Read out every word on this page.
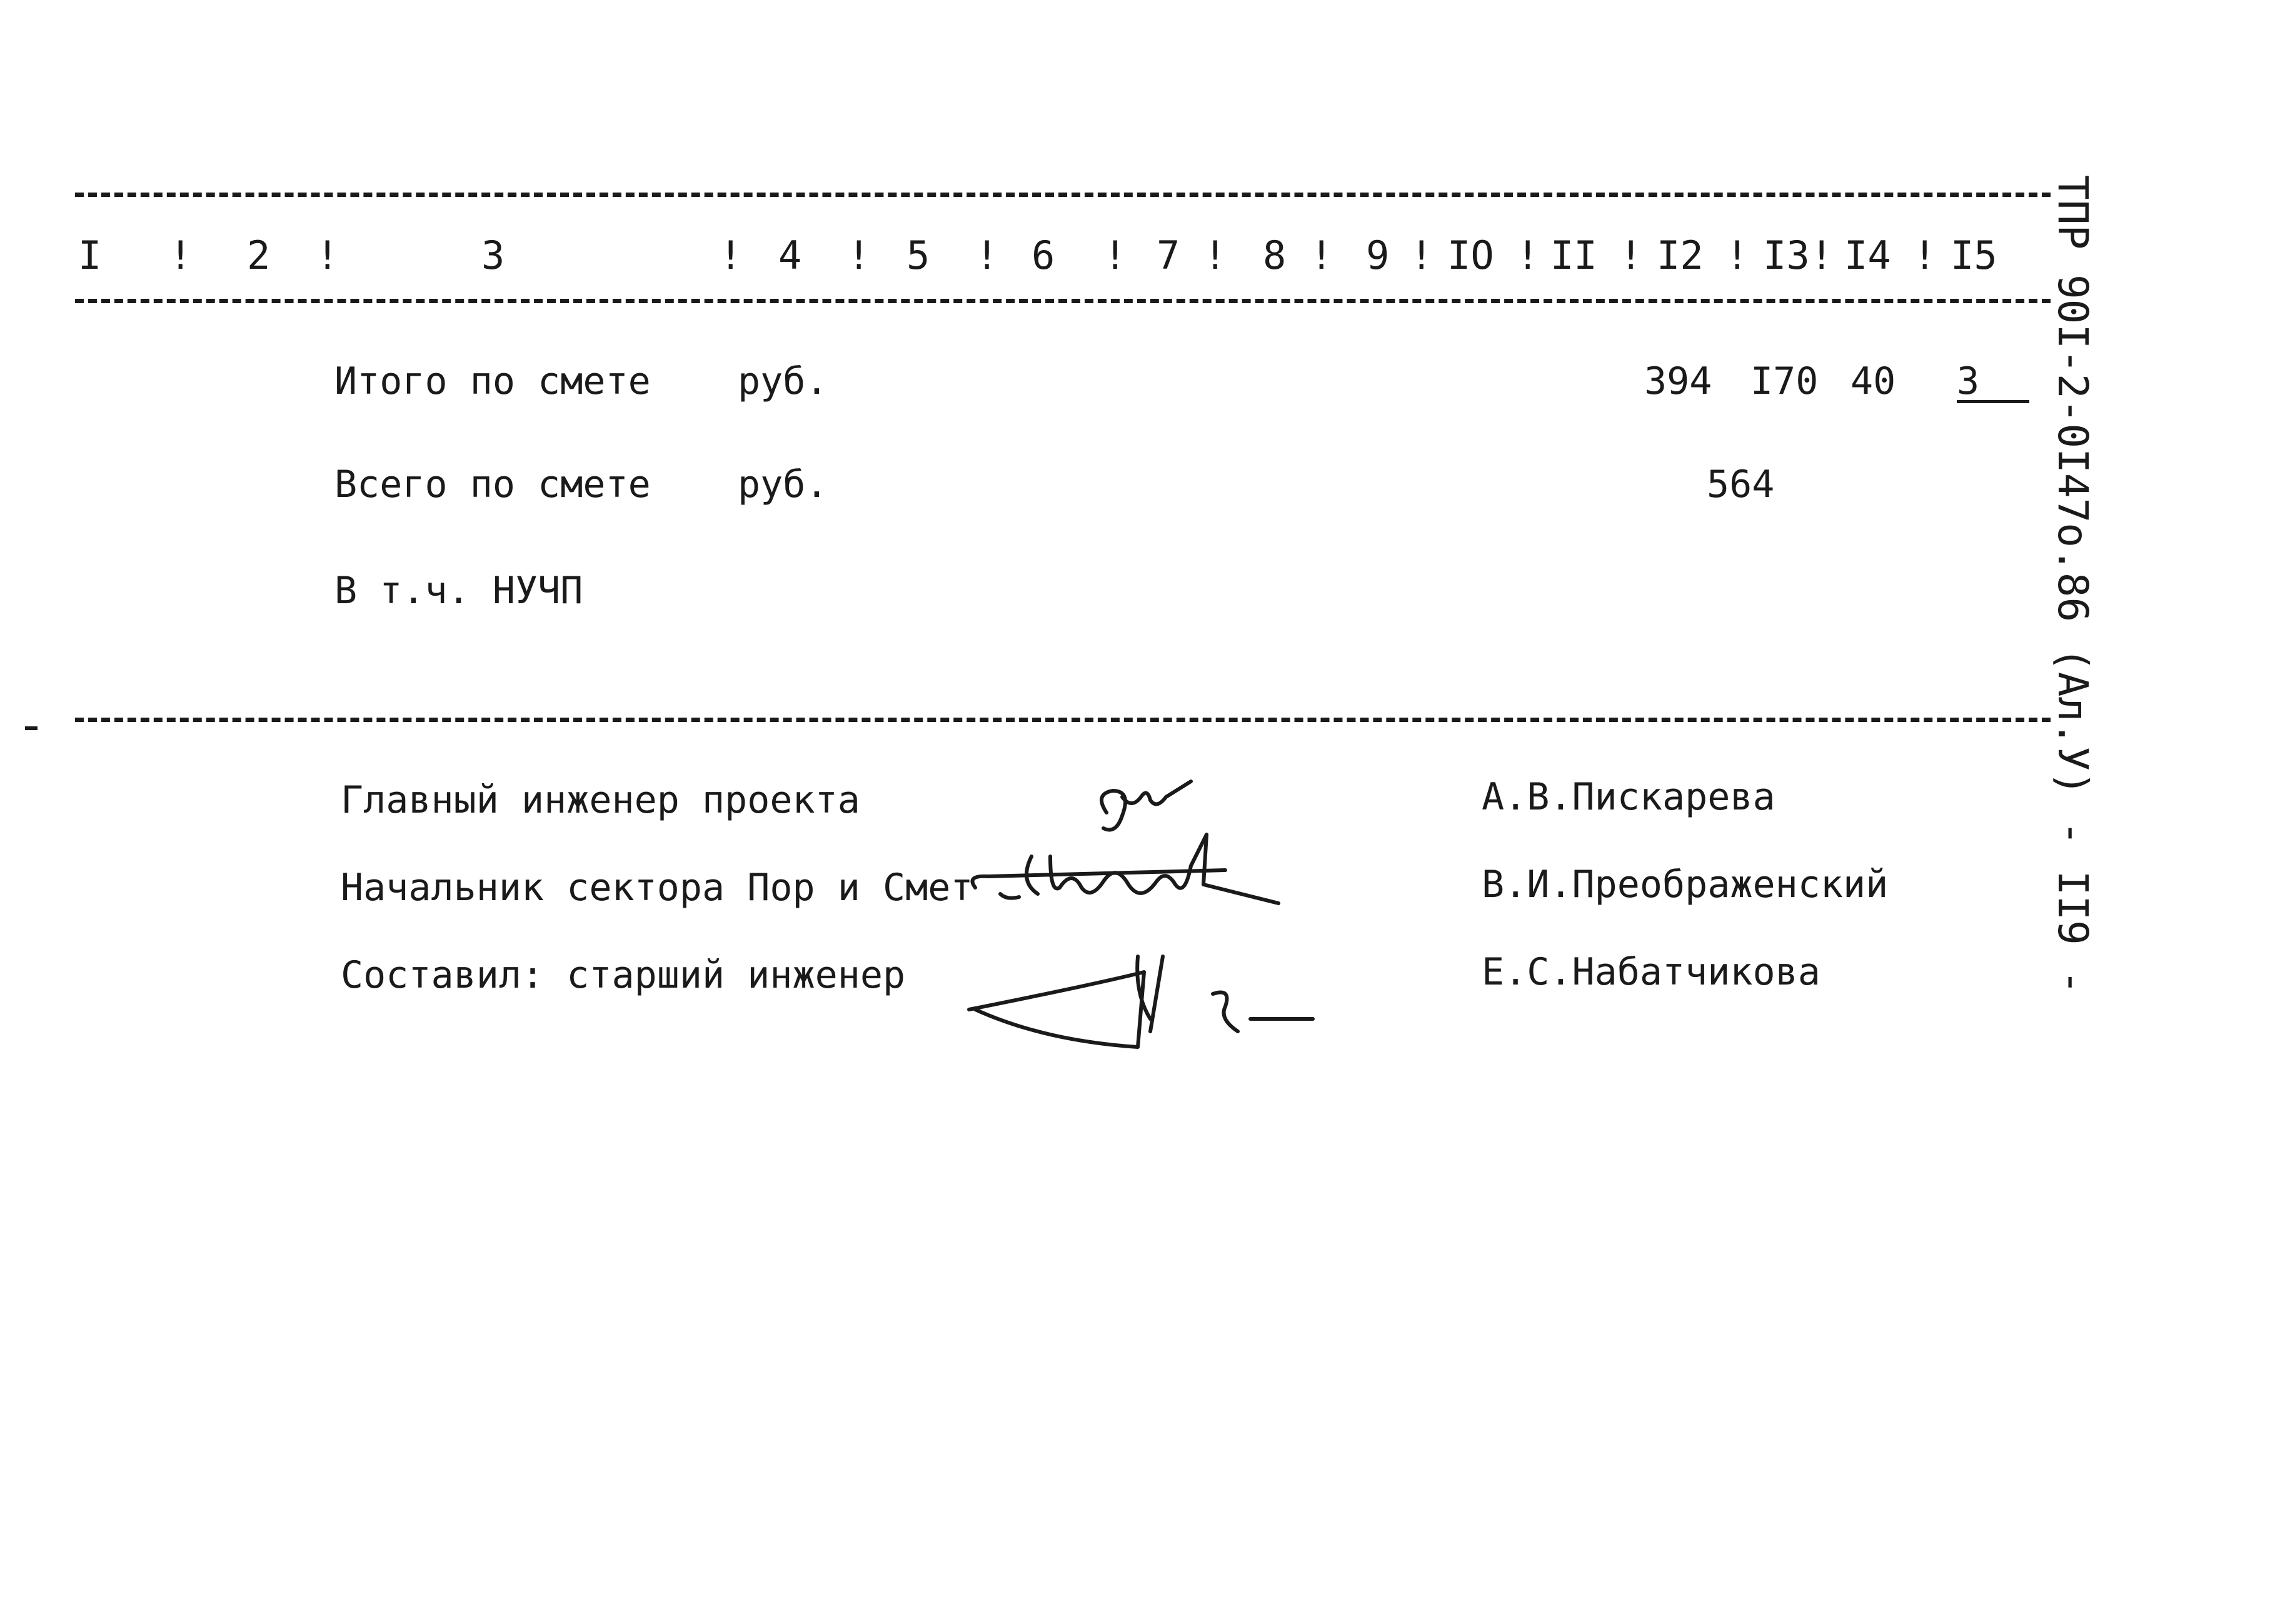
I ! 2 !	3	! 4 ! 5 ! 6 ! 7 ! 8 ! 9 ! IO ! II ! I2 ! I3 ! I4 ! I5
Итого по смете руб.	394 I70 40 3
Всего по смете руб.	564
В т.ч. НУЧП
Главный инженер проекта	А.В.Пискарева
Начальник сектора Пор и Смет	В.И.Преображенский
Составил: старший инженер	Е.С.Набатчикова	ТПР 90I-2-0I47о.86 (Ал.У) - II9 -
